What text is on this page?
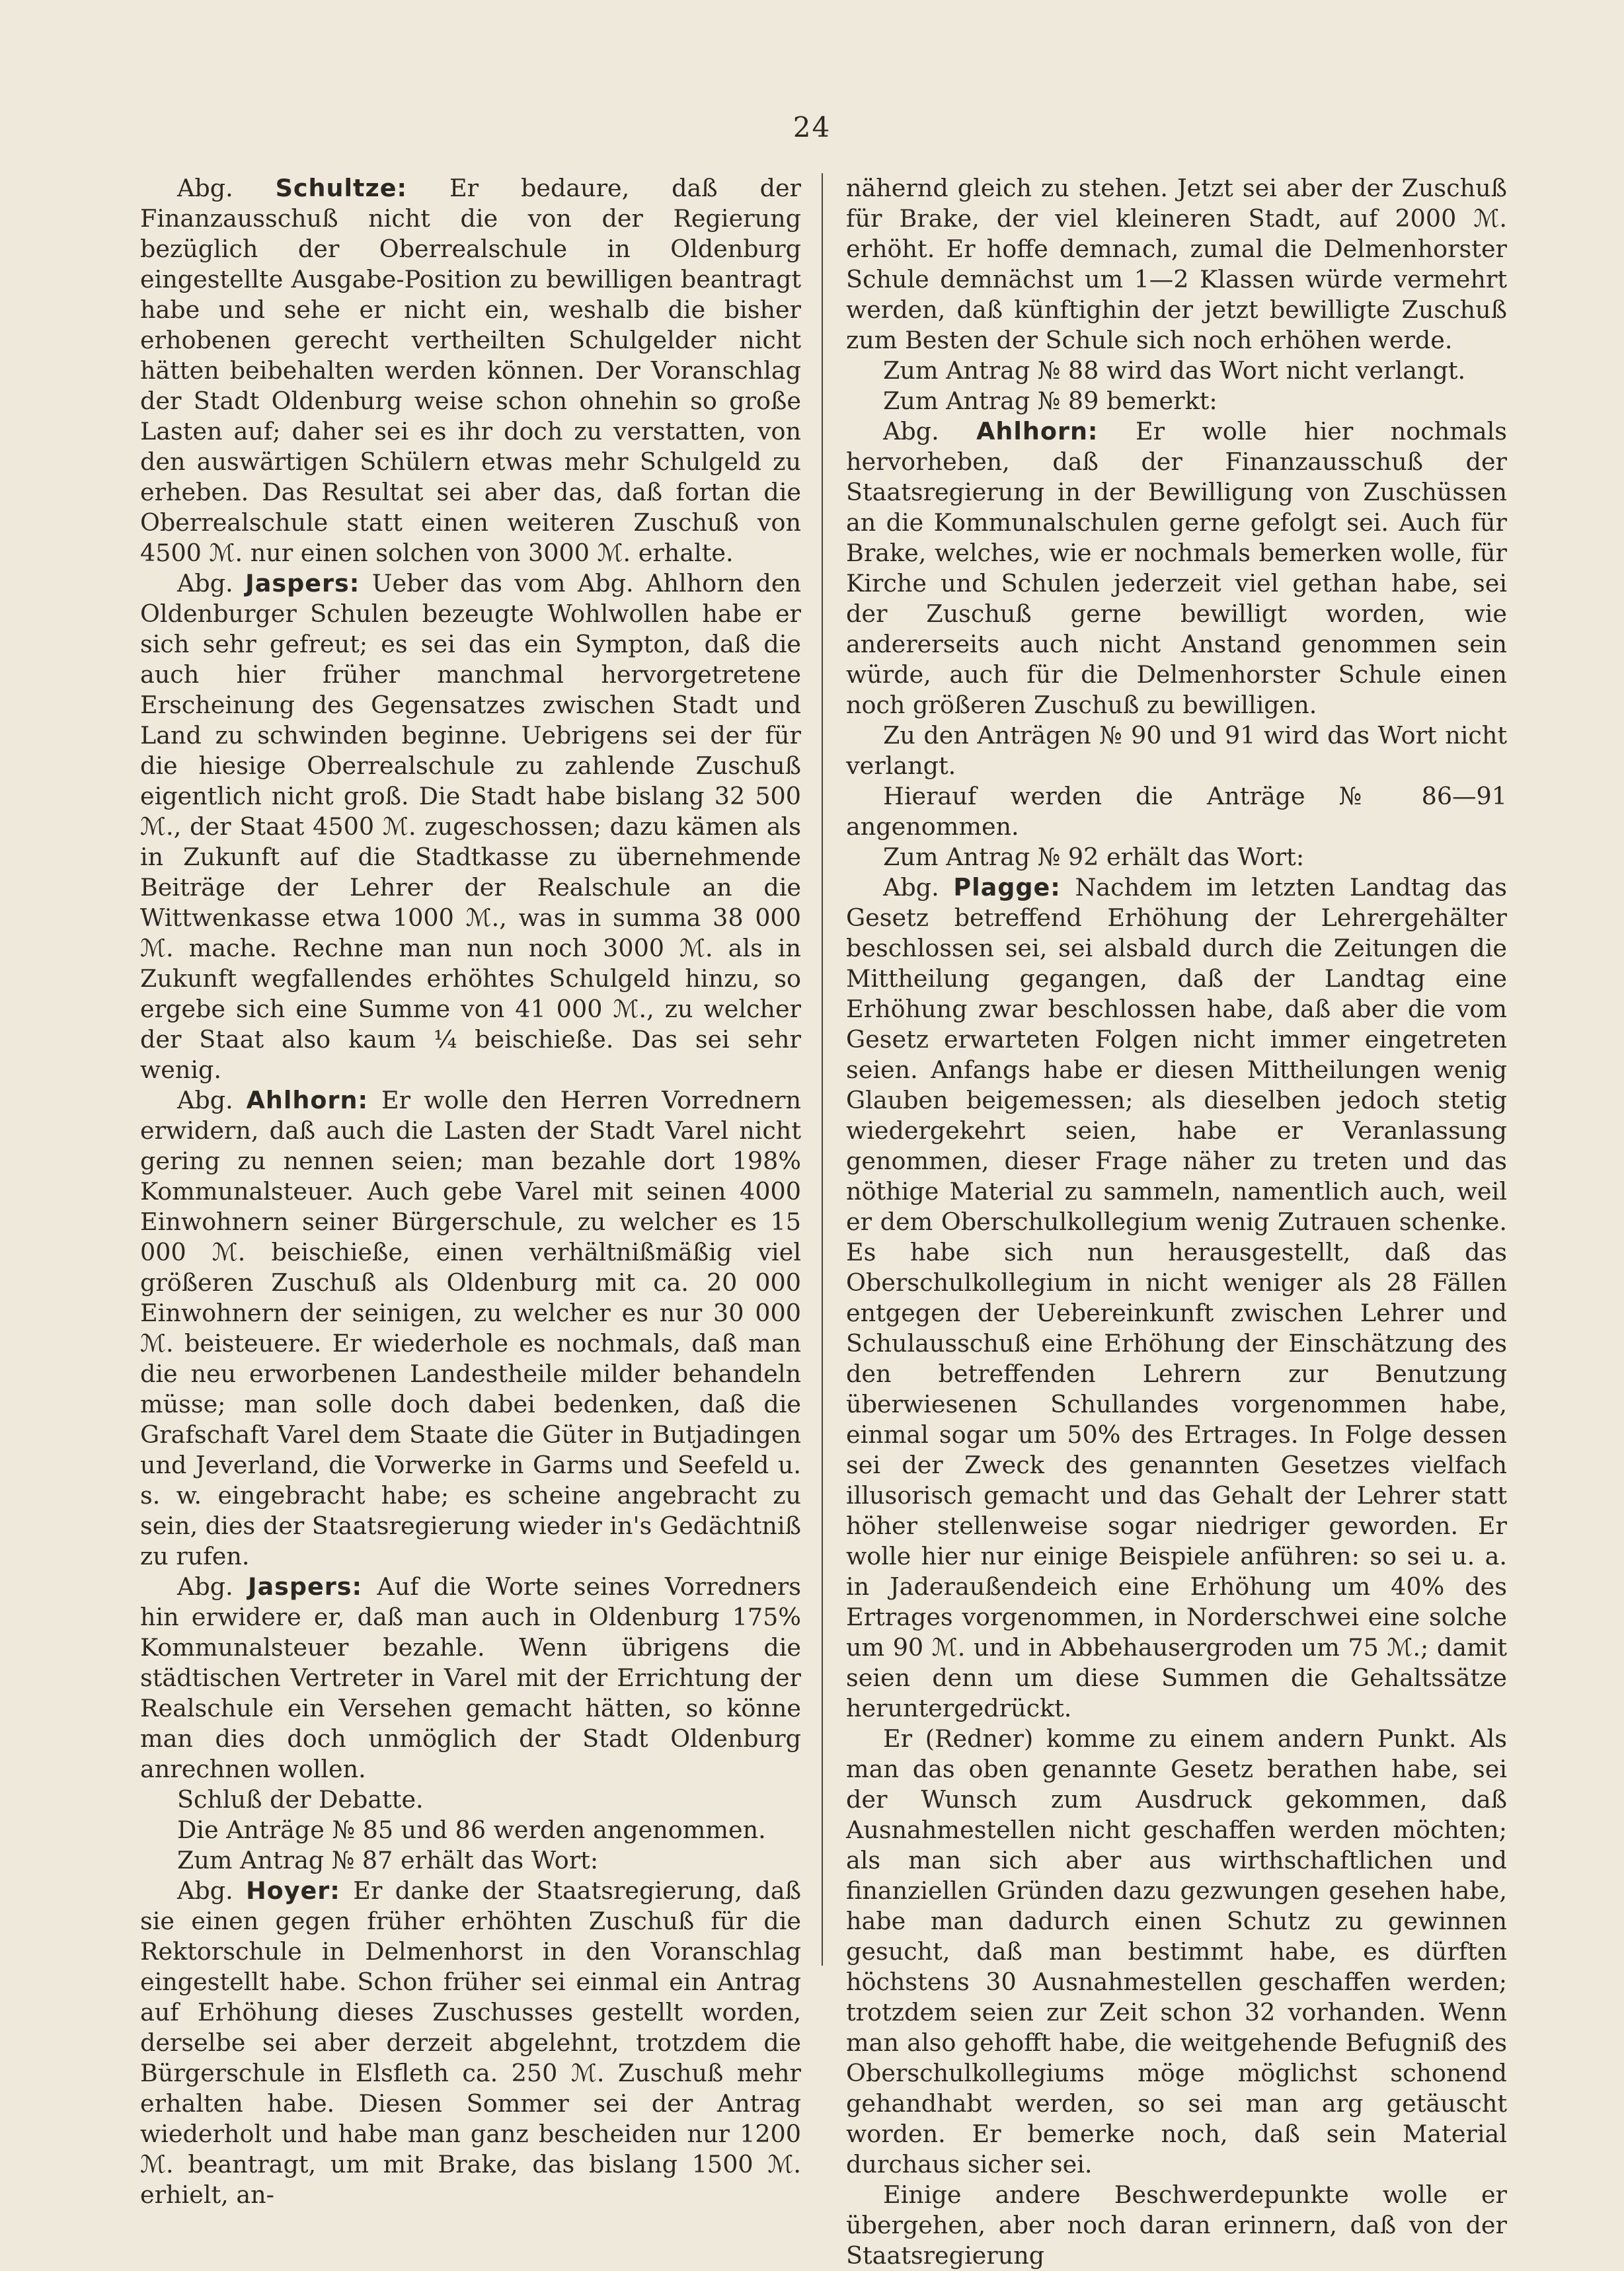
24

Abg. Schultze: Er bedaure, daß der Finanzausschuß nicht die von der Regierung bezüglich der Oberrealschule in Oldenburg eingestellte Ausgabe-Position zu bewilligen beantragt habe und sehe er nicht ein, weshalb die bisher erhobenen gerecht vertheilten Schulgelder nicht hätten beibehalten werden können. Der Voranschlag der Stadt Oldenburg weise schon ohnehin so große Lasten auf; daher sei es ihr doch zu verstatten, von den auswärtigen Schülern etwas mehr Schulgeld zu erheben. Das Resultat sei aber das, daß fortan die Oberrealschule statt einen weiteren Zuschuß von 4500 ℳ. nur einen solchen von 3000 ℳ. erhalte.

Abg. Jaspers: Ueber das vom Abg. Ahlhorn den Oldenburger Schulen bezeugte Wohlwollen habe er sich sehr gefreut; es sei das ein Sympton, daß die auch hier früher manchmal hervorgetretene Erscheinung des Gegensatzes zwischen Stadt und Land zu schwinden beginne. Uebrigens sei der für die hiesige Oberrealschule zu zahlende Zuschuß eigentlich nicht groß. Die Stadt habe bislang 32 500 ℳ., der Staat 4500 ℳ. zugeschossen; dazu kämen als in Zukunft auf die Stadtkasse zu übernehmende Beiträge der Lehrer der Realschule an die Wittwenkasse etwa 1000 ℳ., was in summa 38 000 ℳ. mache. Rechne man nun noch 3000 ℳ. als in Zukunft wegfallendes erhöhtes Schulgeld hinzu, so ergebe sich eine Summe von 41 000 ℳ., zu welcher der Staat also kaum ¼ beischieße. Das sei sehr wenig.

Abg. Ahlhorn: Er wolle den Herren Vorrednern erwidern, daß auch die Lasten der Stadt Varel nicht gering zu nennen seien; man bezahle dort 198% Kommunalsteuer. Auch gebe Varel mit seinen 4000 Einwohnern seiner Bürgerschule, zu welcher es 15 000 ℳ. beischieße, einen verhältnißmäßig viel größeren Zuschuß als Oldenburg mit ca. 20 000 Einwohnern der seinigen, zu welcher es nur 30 000 ℳ. beisteuere. Er wiederhole es nochmals, daß man die neu erworbenen Landestheile milder behandeln müsse; man solle doch dabei bedenken, daß die Grafschaft Varel dem Staate die Güter in Butjadingen und Jeverland, die Vorwerke in Garms und Seefeld u. s. w. eingebracht habe; es scheine angebracht zu sein, dies der Staatsregierung wieder in's Gedächtniß zu rufen.

Abg. Jaspers: Auf die Worte seines Vorredners hin erwidere er, daß man auch in Oldenburg 175% Kommunalsteuer bezahle. Wenn übrigens die städtischen Vertreter in Varel mit der Errichtung der Realschule ein Versehen gemacht hätten, so könne man dies doch unmöglich der Stadt Oldenburg anrechnen wollen.

Schluß der Debatte.

Die Anträge № 85 und 86 werden angenommen.

Zum Antrag № 87 erhält das Wort:

Abg. Hoyer: Er danke der Staatsregierung, daß sie einen gegen früher erhöhten Zuschuß für die Rektorschule in Delmenhorst in den Voranschlag eingestellt habe. Schon früher sei einmal ein Antrag auf Erhöhung dieses Zuschusses gestellt worden, derselbe sei aber derzeit abgelehnt, trotzdem die Bürgerschule in Elsfleth ca. 250 ℳ. Zuschuß mehr erhalten habe. Diesen Sommer sei der Antrag wiederholt und habe man ganz bescheiden nur 1200 ℳ. beantragt, um mit Brake, das bislang 1500 ℳ. erhielt, an-

nähernd gleich zu stehen. Jetzt sei aber der Zuschuß für Brake, der viel kleineren Stadt, auf 2000 ℳ. erhöht. Er hoffe demnach, zumal die Delmenhorster Schule demnächst um 1—2 Klassen würde vermehrt werden, daß künftighin der jetzt bewilligte Zuschuß zum Besten der Schule sich noch erhöhen werde.

Zum Antrag № 88 wird das Wort nicht verlangt.

Zum Antrag № 89 bemerkt:

Abg. Ahlhorn: Er wolle hier nochmals hervorheben, daß der Finanzausschuß der Staatsregierung in der Bewilligung von Zuschüssen an die Kommunalschulen gerne gefolgt sei. Auch für Brake, welches, wie er nochmals bemerken wolle, für Kirche und Schulen jederzeit viel gethan habe, sei der Zuschuß gerne bewilligt worden, wie andererseits auch nicht Anstand genommen sein würde, auch für die Delmenhorster Schule einen noch größeren Zuschuß zu bewilligen.

Zu den Anträgen № 90 und 91 wird das Wort nicht verlangt.

Hierauf werden die Anträge № 86—91 angenommen.

Zum Antrag № 92 erhält das Wort:

Abg. Plagge: Nachdem im letzten Landtag das Gesetz betreffend Erhöhung der Lehrergehälter beschlossen sei, sei alsbald durch die Zeitungen die Mittheilung gegangen, daß der Landtag eine Erhöhung zwar beschlossen habe, daß aber die vom Gesetz erwarteten Folgen nicht immer eingetreten seien. Anfangs habe er diesen Mittheilungen wenig Glauben beigemessen; als dieselben jedoch stetig wiedergekehrt seien, habe er Veranlassung genommen, dieser Frage näher zu treten und das nöthige Material zu sammeln, namentlich auch, weil er dem Oberschulkollegium wenig Zutrauen schenke. Es habe sich nun herausgestellt, daß das Oberschulkollegium in nicht weniger als 28 Fällen entgegen der Uebereinkunft zwischen Lehrer und Schulausschuß eine Erhöhung der Einschätzung des den betreffenden Lehrern zur Benutzung überwiesenen Schullandes vorgenommen habe, einmal sogar um 50% des Ertrages. In Folge dessen sei der Zweck des genannten Gesetzes vielfach illusorisch gemacht und das Gehalt der Lehrer statt höher stellenweise sogar niedriger geworden. Er wolle hier nur einige Beispiele anführen: so sei u. a. in Jaderaußendeich eine Erhöhung um 40% des Ertrages vorgenommen, in Norderschwei eine solche um 90 ℳ. und in Abbehausergroden um 75 ℳ.; damit seien denn um diese Summen die Gehaltssätze heruntergedrückt.

Er (Redner) komme zu einem andern Punkt. Als man das oben genannte Gesetz berathen habe, sei der Wunsch zum Ausdruck gekommen, daß Ausnahmestellen nicht geschaffen werden möchten; als man sich aber aus wirthschaftlichen und finanziellen Gründen dazu gezwungen gesehen habe, habe man dadurch einen Schutz zu gewinnen gesucht, daß man bestimmt habe, es dürften höchstens 30 Ausnahmestellen geschaffen werden; trotzdem seien zur Zeit schon 32 vorhanden. Wenn man also gehofft habe, die weitgehende Befugniß des Oberschulkollegiums möge möglichst schonend gehandhabt werden, so sei man arg getäuscht worden. Er bemerke noch, daß sein Material durchaus sicher sei.

Einige andere Beschwerdepunkte wolle er übergehen, aber noch daran erinnern, daß von der Staatsregierung
